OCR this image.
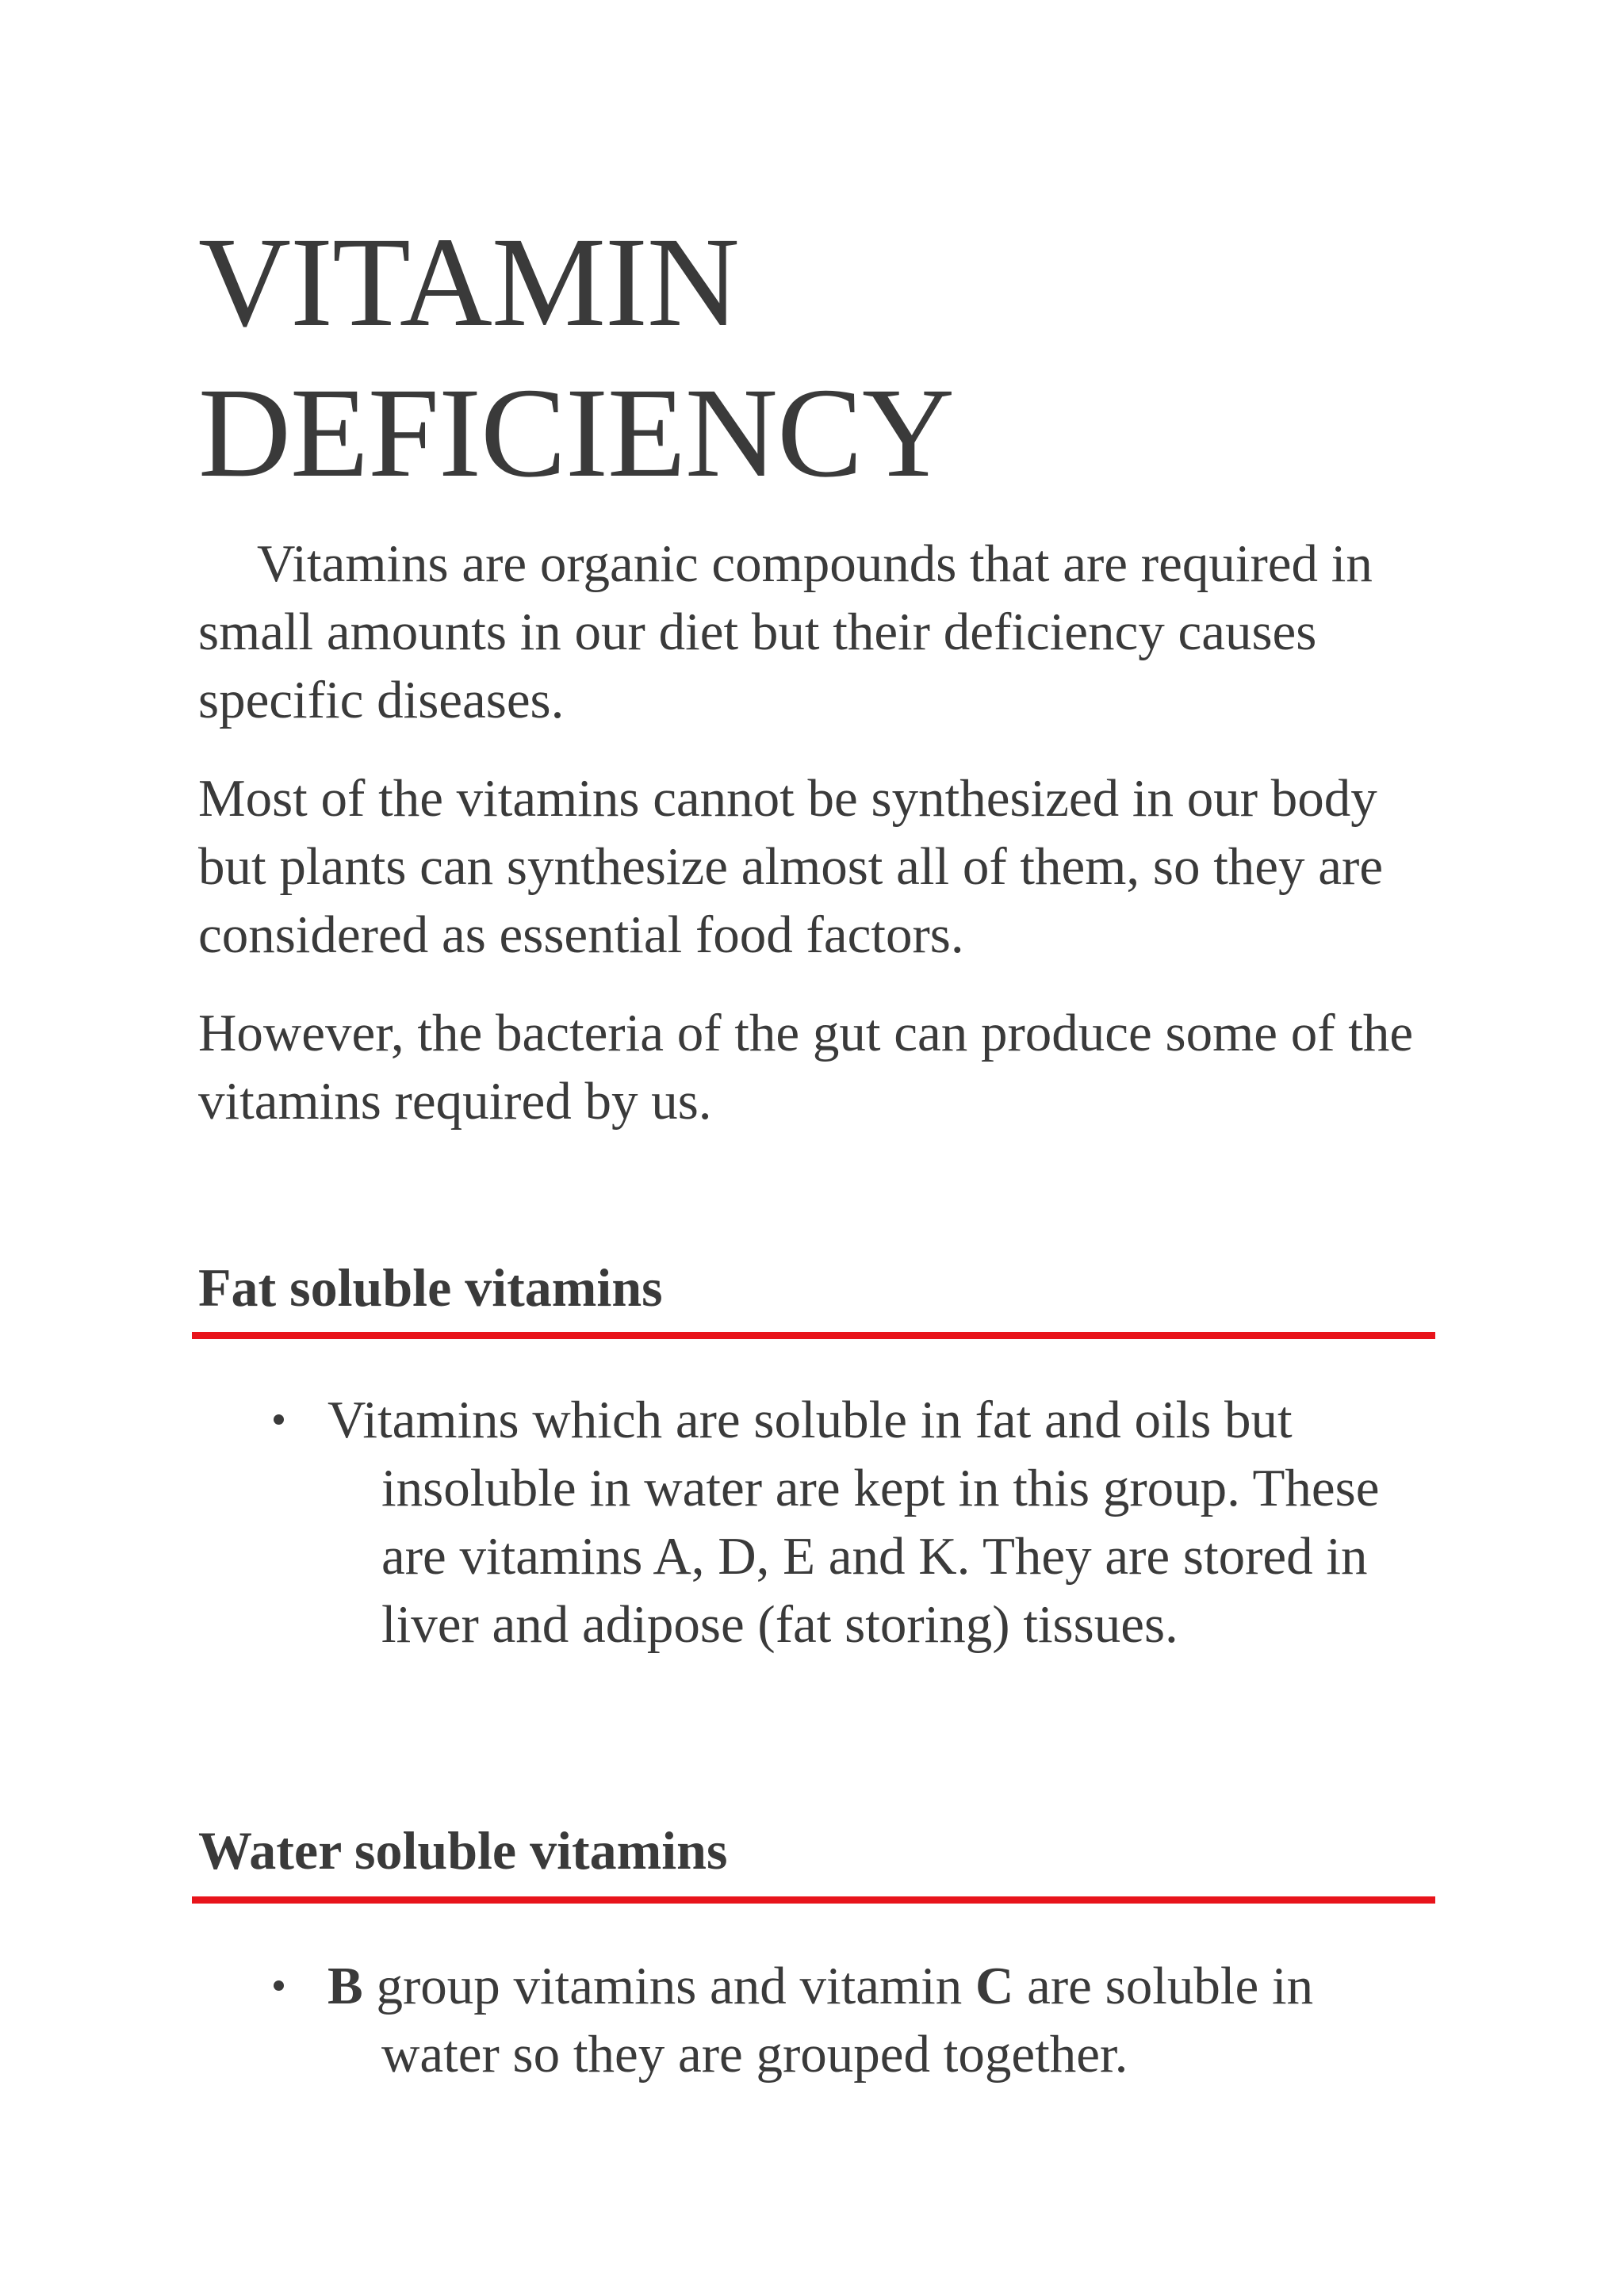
VITAMIN
DEFICIENCY

Vitamins are organic compounds that are required in small amounts in our diet but their deficiency causes specific diseases.

Most of the vitamins cannot be synthesized in our body but plants can synthesize almost all of them, so they are considered as essential food factors.

However, the bacteria of the gut can produce some of the vitamins required by us.

Fat soluble vitamins

Vitamins which are soluble in fat and oils but insoluble in water are kept in this group. These are vitamins A, D, E and K. They are stored in liver and adipose (fat storing) tissues.

Water soluble vitamins

B group vitamins and vitamin C are soluble in water so they are grouped together.
